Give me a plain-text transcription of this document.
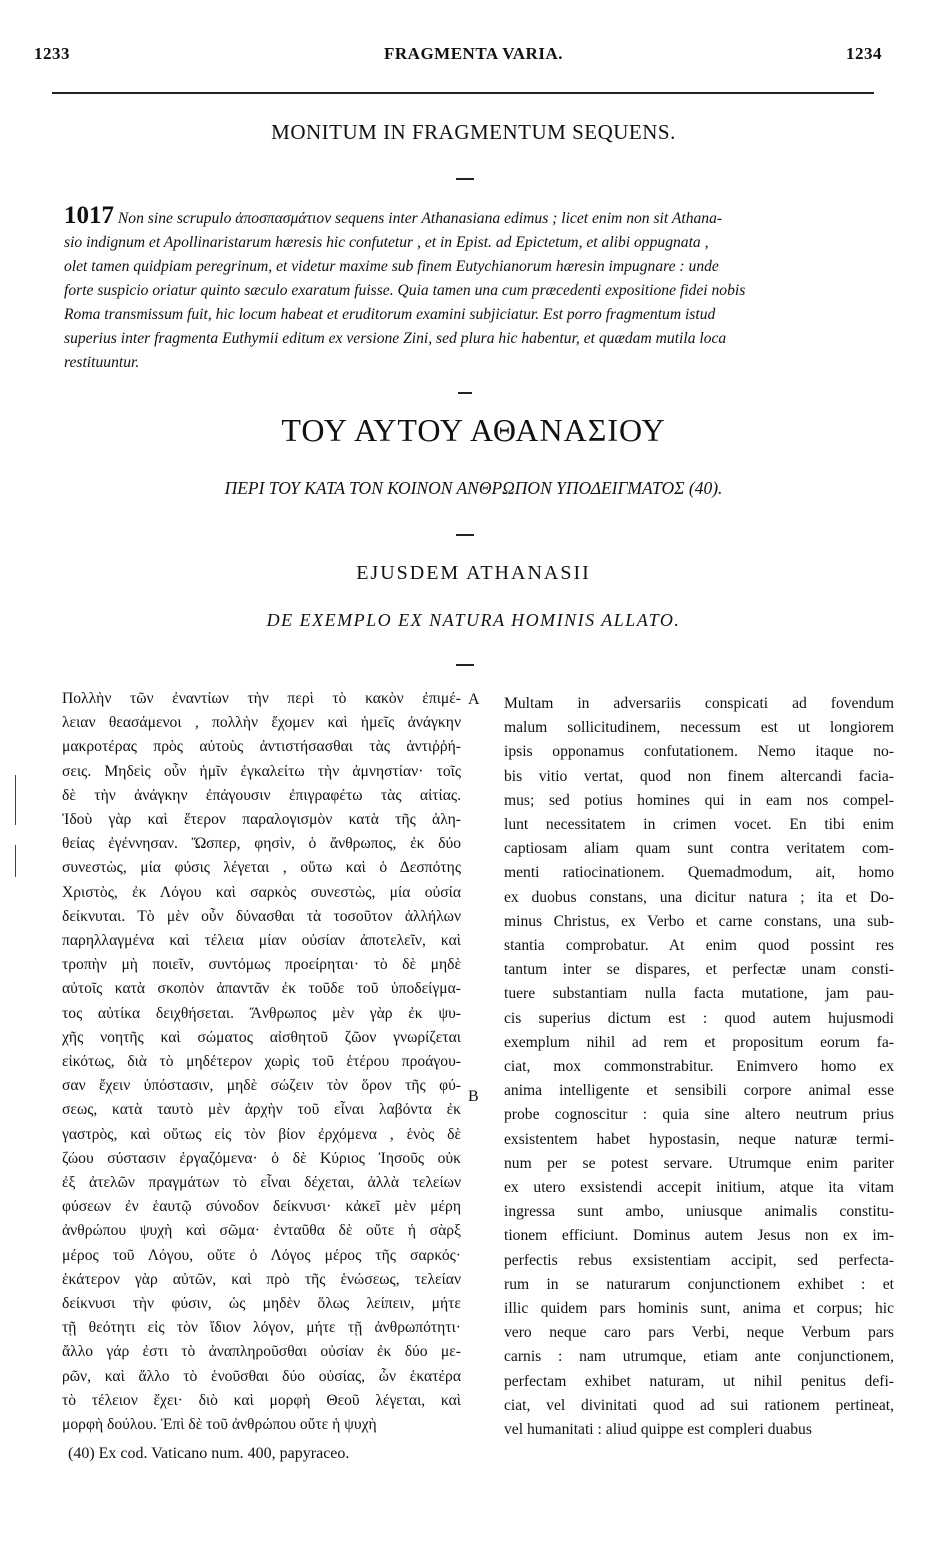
1233	FRAGMENTA VARIA.	1234
MONITUM IN FRAGMENTUM SEQUENS.
1017 Non sine scrupulo ἀποσπασμάτιον sequens inter Athanasiana edimus ; licet enim non sit Athana-
sio indignum et Apollinaristarum hæresis hic confutetur , et in Epist. ad Epictetum, et alibi oppugnata ,
olet tamen quidpiam peregrinum, et videtur maxime sub finem Eutychianorum hæresin impugnare : unde
forte suspicio oriatur quinto sæculo exaratum fuisse. Quia tamen una cum præcedenti expositione fidei nobis
Roma transmissum fuit, hic locum habeat et eruditorum examini subjiciatur. Est porro fragmentum istud
superius inter fragmenta Euthymii editum ex versione Zini, sed plura hic habentur, et quædam mutila loca
restituuntur.
ΤΟΥ ΑΥΤΟΥ ΑΘΑΝΑΣΙΟΥ
ΠΕΡΙ ΤΟΥ ΚΑΤΑ ΤΟΝ ΚΟΙΝΟΝ ΑΝΘΡΩΠΟΝ ΥΠΟΔΕΙΓΜΑΤΟΣ (40).
EJUSDEM ATHANASII
DE EXEMPLO EX NATURA HOMINIS ALLATO.
A
B
Πολλὴν τῶν ἐναντίων τὴν περὶ τὸ κακὸν ἐπιμέ-
λειαν θεασάμενοι , πολλὴν ἔχομεν καὶ ἡμεῖς ἀνάγκην
μακροτέρας πρὸς αὐτοὺς ἀντιστήσασθαι τὰς ἀντιῤῥή-
σεις. Μηδεὶς οὖν ἡμῖν ἐγκαλείτω τὴν ἀμνηστίαν· τοῖς
δὲ τὴν ἀνάγκην ἐπάγουσιν ἐπιγραφέτω τὰς αἰτίας.
Ἰδοὺ γὰρ καὶ ἕτερον παραλογισμὸν κατὰ τῆς ἀλη-
θείας ἐγέννησαν. Ὥσπερ, φησὶν, ὁ ἄνθρωπος, ἐκ δύο
συνεστὼς, μία φύσις λέγεται , οὕτω καὶ ὁ Δεσπότης
Χριστὸς, ἐκ Λόγου καὶ σαρκὸς συνεστὼς, μία οὐσία
δείκνυται. Τὸ μὲν οὖν δύνασθαι τὰ τοσοῦτον ἀλλήλων
παρηλλαγμένα καὶ τέλεια μίαν οὐσίαν ἀποτελεῖν, καὶ
τροπὴν μὴ ποιεῖν, συντόμως προείρηται· τὸ δὲ μηδὲ
αὐτοῖς κατὰ σκοπὸν ἀπαντᾶν ἐκ τοῦδε τοῦ ὑποδείγμα-
τος αὐτίκα δειχθήσεται. Ἄνθρωπος μὲν γὰρ ἐκ ψυ-
χῆς νοητῆς καὶ σώματος αἰσθητοῦ ζῶον γνωρίζεται
εἰκότως, διὰ τὸ μηδέτερον χωρὶς τοῦ ἑτέρου προάγου-
σαν ἔχειν ὑπόστασιν, μηδὲ σώζειν τὸν ὅρον τῆς φύ-
σεως, κατὰ ταυτὸ μὲν ἀρχὴν τοῦ εἶναι λαβόντα ἐκ
γαστρὸς, καὶ οὕτως εἰς τὸν βίον ἐρχόμενα , ἑνὸς δὲ
ζώου σύστασιν ἐργαζόμενα· ὁ δὲ Κύριος Ἰησοῦς οὐκ
ἐξ ἀτελῶν πραγμάτων τὸ εἶναι δέχεται, ἀλλὰ τελείων
φύσεων ἐν ἑαυτῷ σύνοδον δείκνυσι· κἀκεῖ μὲν μέρη
ἀνθρώπου ψυχὴ καὶ σῶμα· ἐνταῦθα δὲ οὔτε ἡ σὰρξ
μέρος τοῦ Λόγου, οὔτε ὁ Λόγος μέρος τῆς σαρκός·
ἑκάτερον γὰρ αὐτῶν, καὶ πρὸ τῆς ἑνώσεως, τελείαν
δείκνυσι τὴν φύσιν, ὡς μηδὲν ὅλως λείπειν, μήτε
τῇ θεότητι εἰς τὸν ἴδιον λόγον, μήτε τῇ ἀνθρωπότητι·
ἄλλο γάρ ἐστι τὸ ἀναπληροῦσθαι οὐσίαν ἐκ δύο με-
ρῶν, καὶ ἄλλο τὸ ἑνοῦσθαι δύο οὐσίας, ὧν ἑκατέρα
τὸ τέλειον ἔχει· διὸ καὶ μορφὴ Θεοῦ λέγεται, καὶ
μορφὴ δούλου. Ἐπὶ δὲ τοῦ ἀνθρώπου οὔτε ἡ ψυχὴ
Multam in adversariis conspicati ad fovendum
malum sollicitudinem, necessum est ut longiorem
ipsis opponamus confutationem. Nemo itaque no-
bis vitio vertat, quod non finem altercandi facia-
mus; sed potius homines qui in eam nos compel-
lunt necessitatem in crimen vocet. En tibi enim
captiosam aliam quam sunt contra veritatem com-
menti ratiocinationem. Quemadmodum, ait, homo
ex duobus constans, una dicitur natura ; ita et Do-
minus Christus, ex Verbo et carne constans, una sub-
stantia comprobatur. At enim quod possint res
tantum inter se dispares, et perfectæ unam consti-
tuere substantiam nulla facta mutatione, jam pau-
cis superius dictum est : quod autem hujusmodi
exemplum nihil ad rem et propositum eorum fa-
ciat, mox commonstrabitur. Enimvero homo ex
anima intelligente et sensibili corpore animal esse
probe cognoscitur : quia sine altero neutrum prius
exsistentem habet hypostasin, neque naturæ termi-
num per se potest servare. Utrumque enim pariter
ex utero exsistendi accepit initium, atque ita vitam
ingressa sunt ambo, uniusque animalis constitu-
tionem efficiunt. Dominus autem Jesus non ex im-
perfectis rebus exsistentiam accipit, sed perfecta-
rum in se naturarum conjunctionem exhibet : et
illic quidem pars hominis sunt, anima et corpus; hic
vero neque caro pars Verbi, neque Verbum pars
carnis : nam utrumque, etiam ante conjunctionem,
perfectam exhibet naturam, ut nihil penitus defi-
ciat, vel divinitati quod ad sui rationem pertineat,
vel humanitati : aliud quippe est compleri duabus
(40) Ex cod. Vaticano num. 400, papyraceo.
